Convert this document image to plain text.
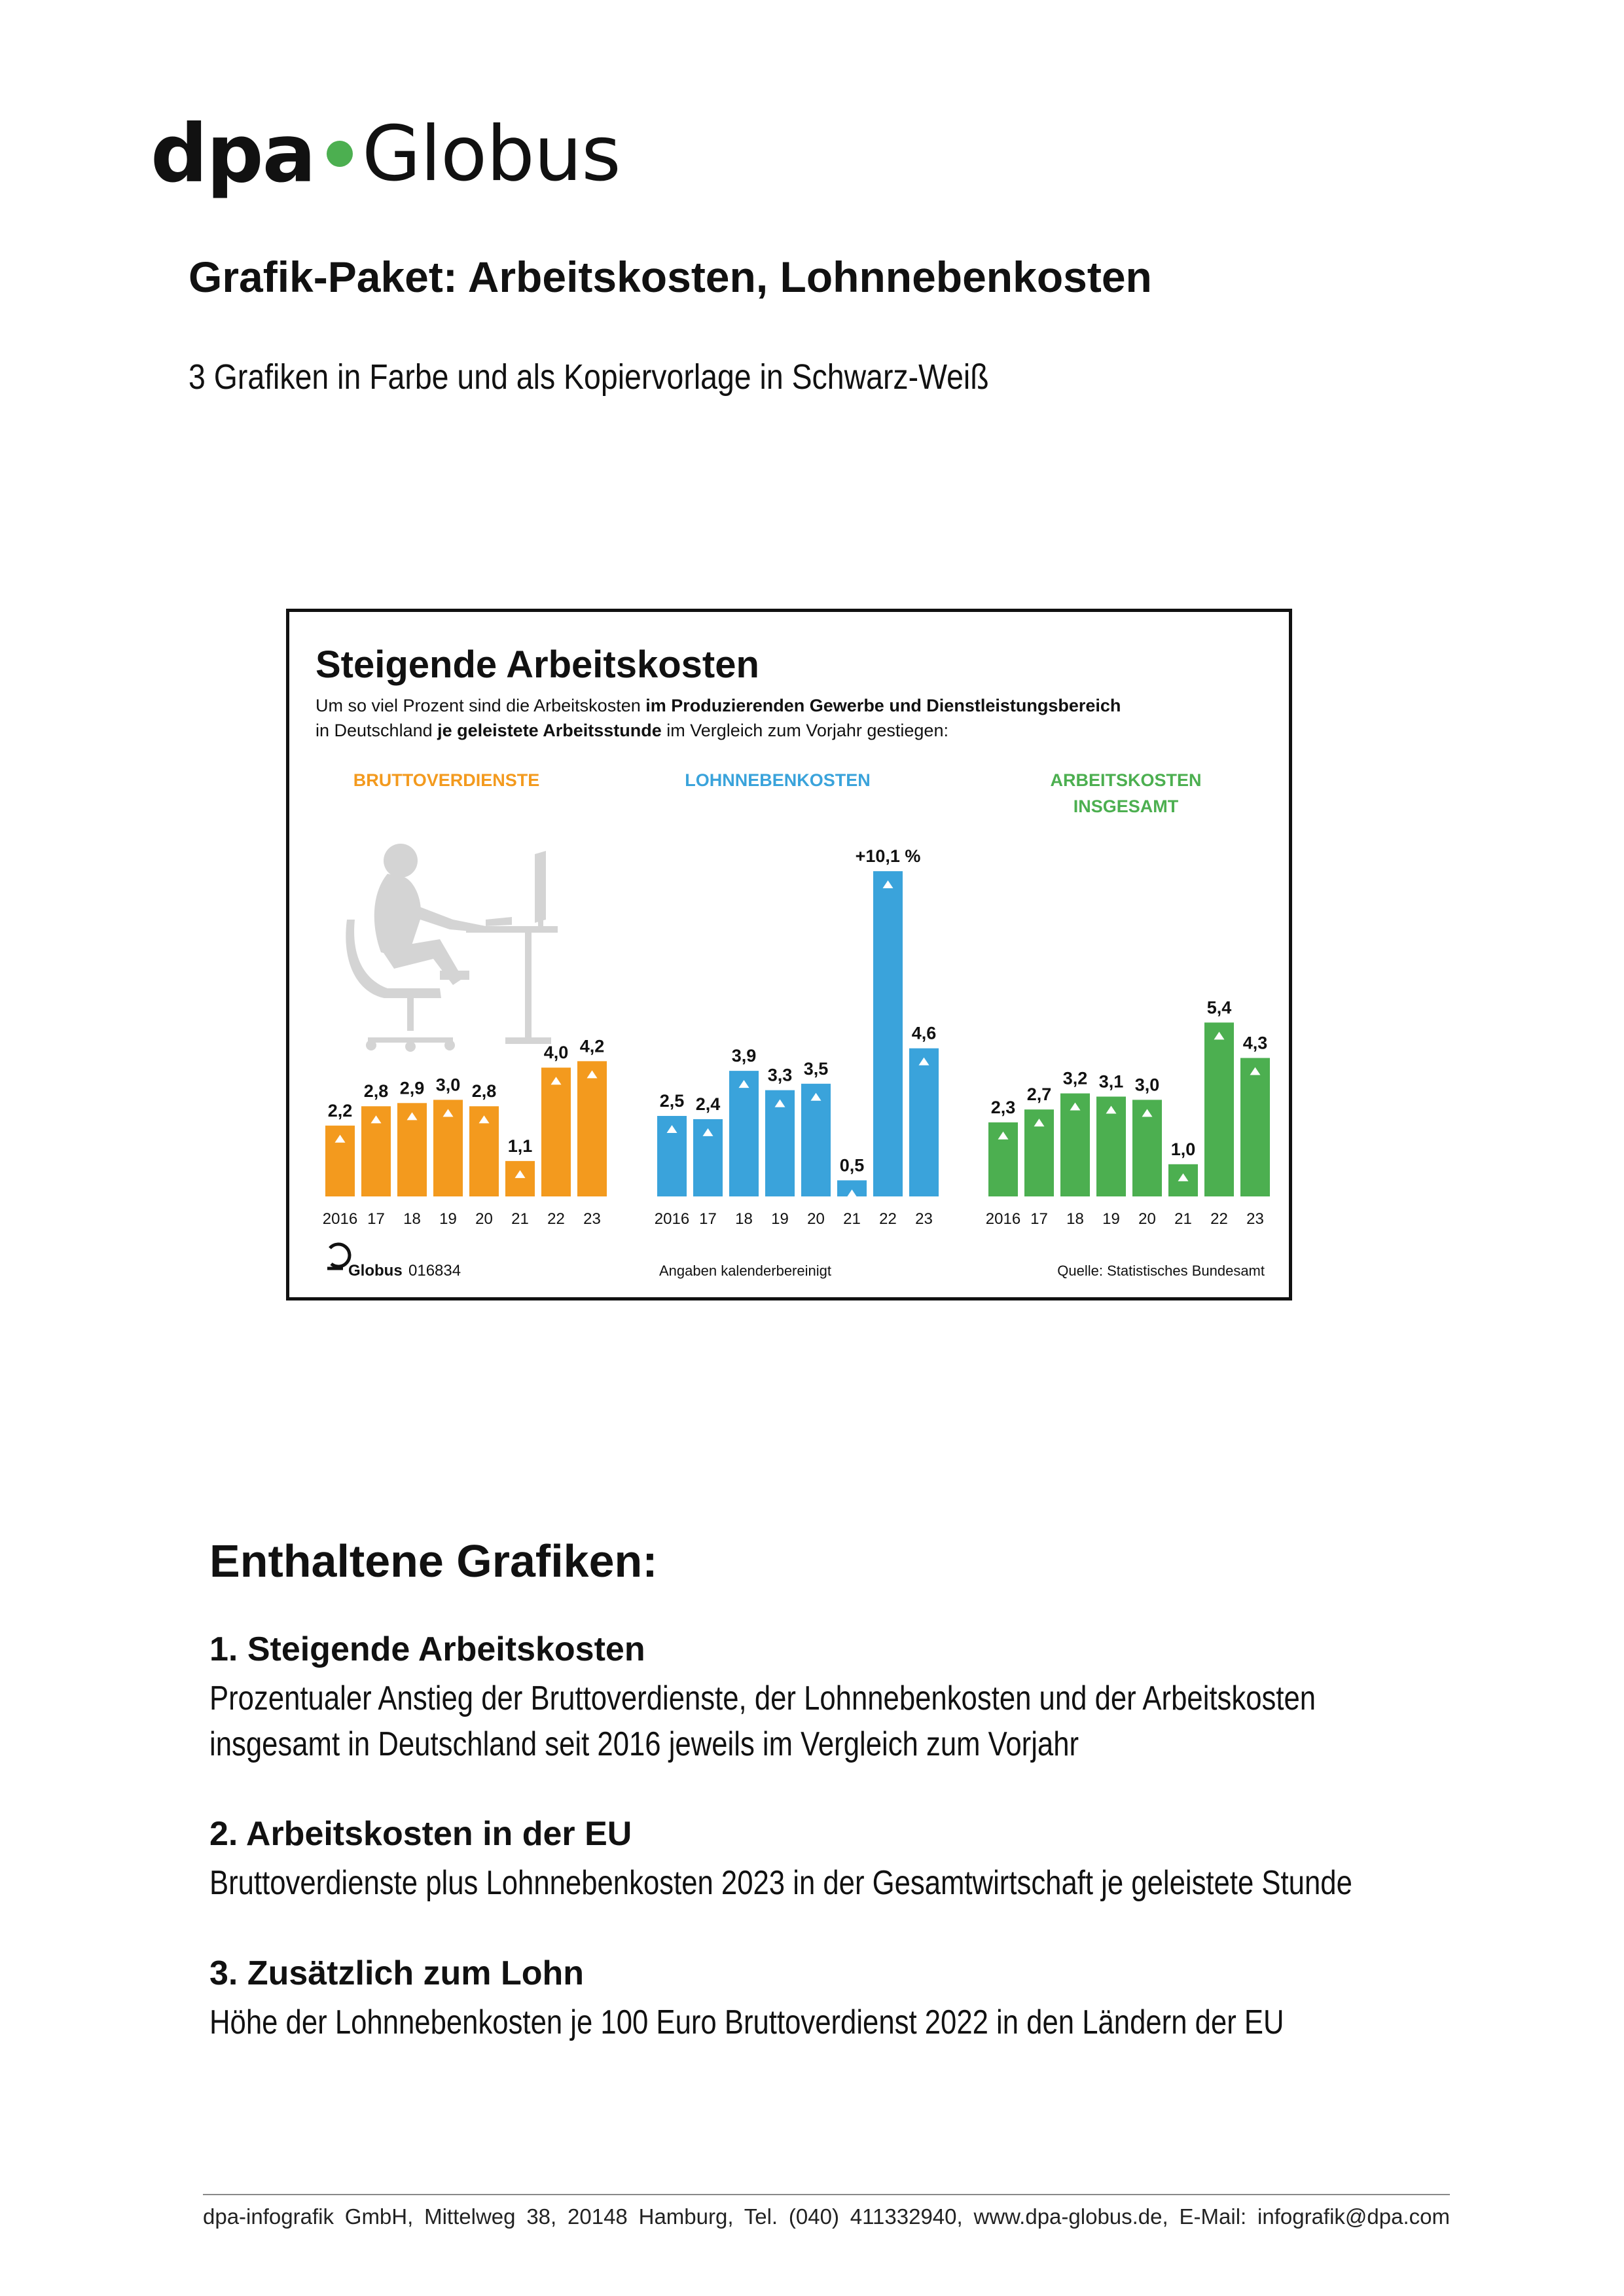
dpa Globus
Grafik-Paket: Arbeitskosten, Lohnnebenkosten
3 Grafiken in Farbe und als Kopiervorlage in Schwarz-Weiß
Steigende Arbeitskosten
Um so viel Prozent sind die Arbeitskosten im Produzierenden Gewerbe und Dienstleistungsbereich
in Deutschland je geleistete Arbeitsstunde im Vergleich zum Vorjahr gestiegen:
BRUTTOVERDIENSTE	LOHNNEBENKOSTEN	ARBEITSKOSTEN
INSGESAMT
2,2
2016
2,8
17
2,9
18
3,0
19
2,8
20
1,1
21
4,0
22
4,2
23
2,5
2016
2,4
17
3,9
18
3,3
19
3,5
20
0,5
21
+10,1 %
22
4,6
23
2,3
2016
2,7
17
3,2
18
3,1
19
3,0
20
1,0
21
5,4
22
4,3
23
Globus 016834	Angaben kalenderbereinigt	Quelle: Statistisches Bundesamt
Enthaltene Grafiken:
1. Steigende Arbeitskosten
Prozentualer Anstieg der Bruttoverdienste, der Lohnnebenkosten und der Arbeitskosten insgesamt in Deutschland seit 2016 jeweils im Vergleich zum Vorjahr
2. Arbeitskosten in der EU
Bruttoverdienste plus Lohnnebenkosten 2023 in der Gesamtwirtschaft je geleistete Stunde
3. Zusätzlich zum Lohn
Höhe der Lohnnebenkosten je 100 Euro Bruttoverdienst 2022 in den Ländern der EU
dpa-infografik GmbH, Mittelweg 38, 20148 Hamburg, Tel. (040) 411332940, www.dpa-globus.de, E-Mail: infografik@dpa.com
